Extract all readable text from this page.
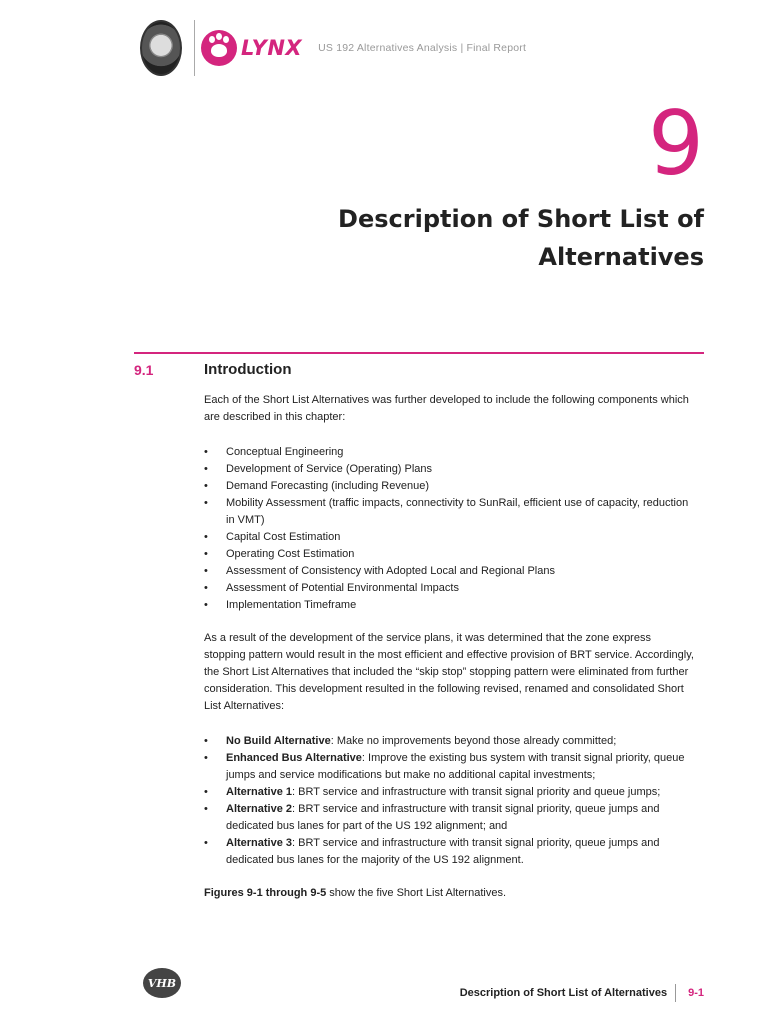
LYNX US 192 Alternatives Analysis | Final Report
9
Description of Short List of
Alternatives
9.1	Introduction

Each of the Short List Alternatives was further developed to include the following components which are described in this chapter:

• Conceptual Engineering
• Development of Service (Operating) Plans
• Demand Forecasting (including Revenue)
• Mobility Assessment (traffic impacts, connectivity to SunRail, efficient use of capacity, reduction in VMT)
• Capital Cost Estimation
• Operating Cost Estimation
• Assessment of Consistency with Adopted Local and Regional Plans
• Assessment of Potential Environmental Impacts
• Implementation Timeframe

As a result of the development of the service plans, it was determined that the zone express stopping pattern would result in the most efficient and effective provision of BRT service. Accordingly, the Short List Alternatives that included the “skip stop” stopping pattern were eliminated from further consideration. This development resulted in the following revised, renamed and consolidated Short List Alternatives:

• No Build Alternative: Make no improvements beyond those already committed;
• Enhanced Bus Alternative: Improve the existing bus system with transit signal priority, queue jumps and service modifications but make no additional capital investments;
• Alternative 1: BRT service and infrastructure with transit signal priority and queue jumps;
• Alternative 2: BRT service and infrastructure with transit signal priority, queue jumps and dedicated bus lanes for part of the US 192 alignment; and
• Alternative 3: BRT service and infrastructure with transit signal priority, queue jumps and dedicated bus lanes for the majority of the US 192 alignment.

Figures 9-1 through 9-5 show the five Short List Alternatives.

VHB
Description of Short List of Alternatives 9-1
